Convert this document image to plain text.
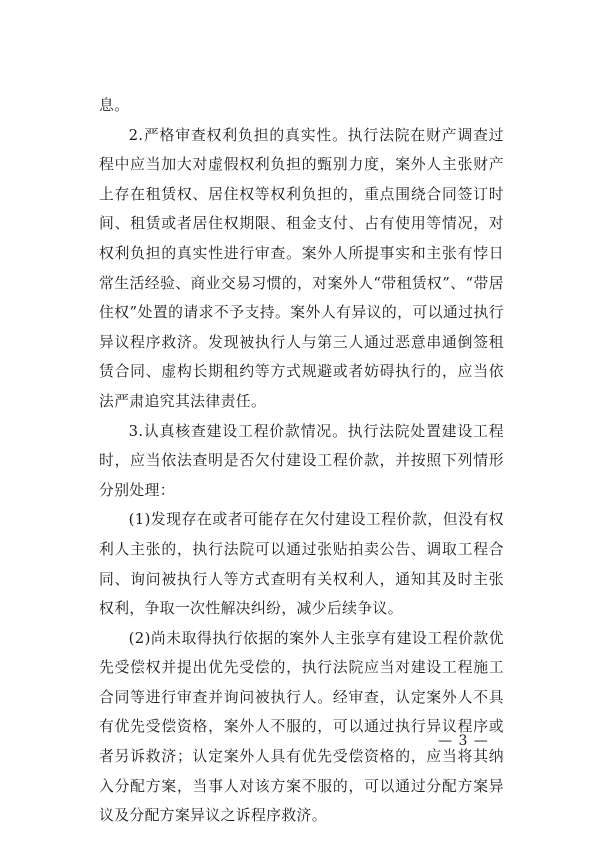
息。

2.严格审查权利负担的真实性。执行法院在财产调查过程中应当加大对虚假权利负担的甄别力度，案外人主张财产上存在租赁权、居住权等权利负担的，重点围绕合同签订时间、租赁或者居住权期限、租金支付、占有使用等情况，对权利负担的真实性进行审查。案外人所提事实和主张有悖日常生活经验、商业交易习惯的，对案外人“带租赁权”、“带居住权”处置的请求不予支持。案外人有异议的，可以通过执行异议程序救济。发现被执行人与第三人通过恶意串通倒签租赁合同、虚构长期租约等方式规避或者妨碍执行的，应当依法严肃追究其法律责任。

3.认真核查建设工程价款情况。执行法院处置建设工程时，应当依法查明是否欠付建设工程价款，并按照下列情形分别处理：

(1)发现存在或者可能存在欠付建设工程价款，但没有权利人主张的，执行法院可以通过张贴拍卖公告、调取工程合同、询问被执行人等方式查明有关权利人，通知其及时主张权利，争取一次性解决纠纷，减少后续争议。

(2)尚未取得执行依据的案外人主张享有建设工程价款优先受偿权并提出优先受偿的，执行法院应当对建设工程施工合同等进行审查并询问被执行人。经审查，认定案外人不具有优先受偿资格，案外人不服的，可以通过执行异议程序或者另诉救济；认定案外人具有优先受偿资格的，应当将其纳入分配方案，当事人对该方案不服的，可以通过分配方案异议及分配方案异议之诉程序救济。

— 3 —
